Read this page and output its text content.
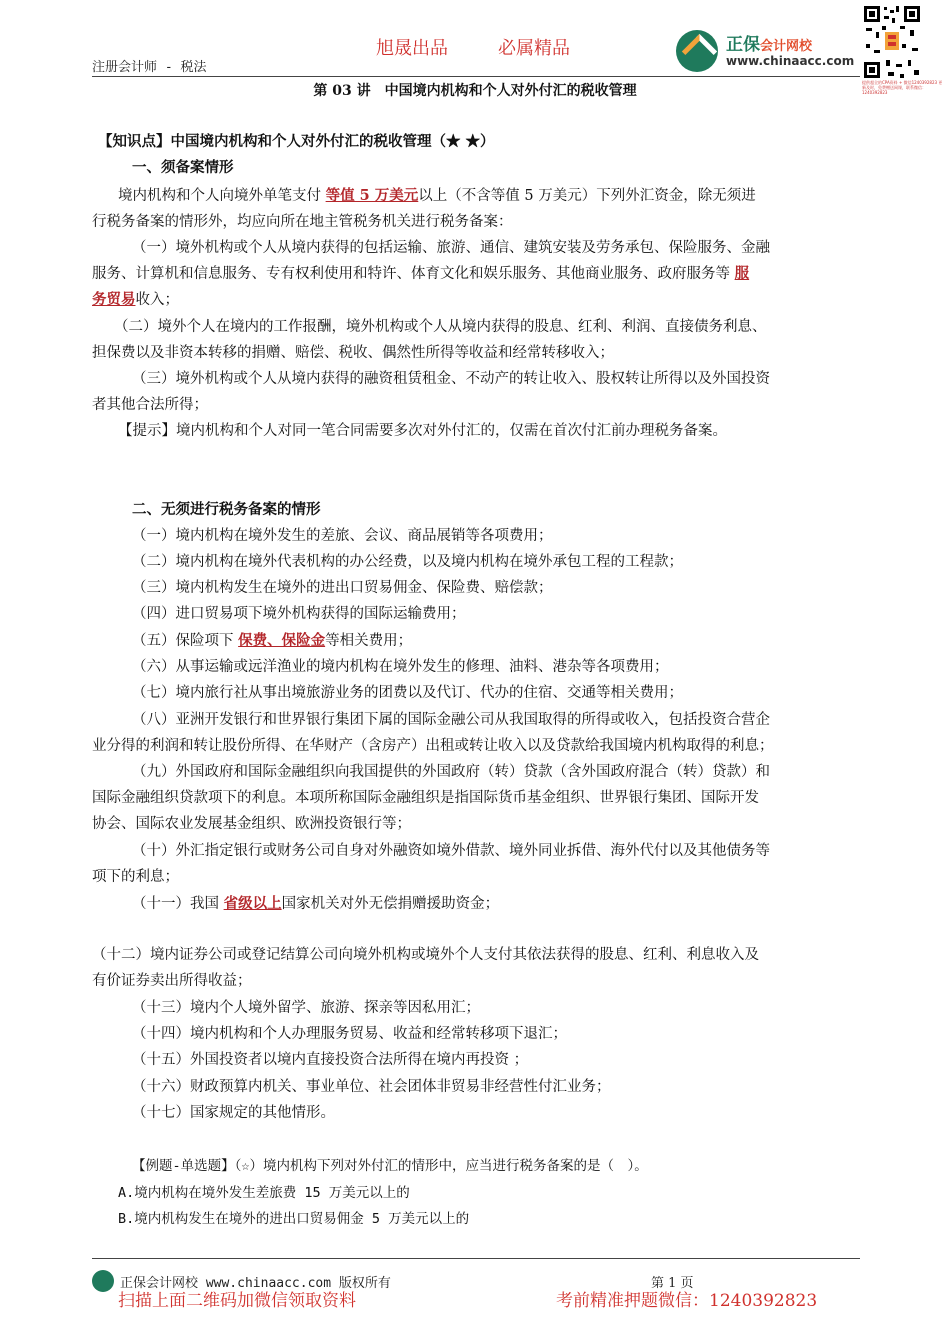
旭晟出品	必属精品
注册会计师 - 税法
正保会计网校
www.chinaacc.com
提供超全的CPA资料 + 微信1240392823 更新及时，免费赠送网课，联系微信：1240392823
第 03 讲　中国境内机构和个人对外付汇的税收管理
【知识点】中国境内机构和个人对外付汇的税收管理（★ ★）
一、须备案情形
境内机构和个人向境外单笔支付 等值 5 万美元以上（不含等值 5 万美元）下列外汇资金，除无须进
行税务备案的情形外，均应向所在地主管税务机关进行税务备案：
（一）境外机构或个人从境内获得的包括运输、旅游、通信、建筑安装及劳务承包、保险服务、金融
服务、计算机和信息服务、专有权利使用和特许、体育文化和娱乐服务、其他商业服务、政府服务等 服
务贸易收入；
（二）境外个人在境内的工作报酬，境外机构或个人从境内获得的股息、红利、利润、直接债务利息、
担保费以及非资本转移的捐赠、赔偿、税收、偶然性所得等收益和经常转移收入；
（三）境外机构或个人从境内获得的融资租赁租金、不动产的转让收入、股权转让所得以及外国投资
者其他合法所得；
【提示】境内机构和个人对同一笔合同需要多次对外付汇的，仅需在首次付汇前办理税务备案。
二、无须进行税务备案的情形
（一）境内机构在境外发生的差旅、会议、商品展销等各项费用；
（二）境内机构在境外代表机构的办公经费，以及境内机构在境外承包工程的工程款；
（三）境内机构发生在境外的进出口贸易佣金、保险费、赔偿款；
（四）进口贸易项下境外机构获得的国际运输费用；
（五）保险项下 保费、保险金等相关费用；
（六）从事运输或远洋渔业的境内机构在境外发生的修理、油料、港杂等各项费用；
（七）境内旅行社从事出境旅游业务的团费以及代订、代办的住宿、交通等相关费用；
（八）亚洲开发银行和世界银行集团下属的国际金融公司从我国取得的所得或收入，包括投资合营企
业分得的利润和转让股份所得、在华财产（含房产）出租或转让收入以及贷款给我国境内机构取得的利息；
（九）外国政府和国际金融组织向我国提供的外国政府（转）贷款（含外国政府混合（转）贷款）和
国际金融组织贷款项下的利息。本项所称国际金融组织是指国际货币基金组织、世界银行集团、国际开发
协会、国际农业发展基金组织、欧洲投资银行等；
（十）外汇指定银行或财务公司自身对外融资如境外借款、境外同业拆借、海外代付以及其他债务等
项下的利息；
（十一）我国 省级以上国家机关对外无偿捐赠援助资金；
（十二）境内证券公司或登记结算公司向境外机构或境外个人支付其依法获得的股息、红利、利息收入及
有价证券卖出所得收益；
（十三）境内个人境外留学、旅游、探亲等因私用汇；
（十四）境内机构和个人办理服务贸易、收益和经常转移项下退汇；
（十五）外国投资者以境内直接投资合法所得在境内再投资 ；
（十六）财政预算内机关、事业单位、社会团体非贸易非经营性付汇业务；
（十七）国家规定的其他情形。
【例题-单选题】（☆）境内机构下列对外付汇的情形中，应当进行税务备案的是（　）。
A.境内机构在境外发生差旅费 15 万美元以上的
B.境内机构发生在境外的进出口贸易佣金 5 万美元以上的
正保会计网校 www.chinaacc.com 版权所有	第 1 页
扫描上面二维码加微信领取资料	考前精准押题微信：1240392823
